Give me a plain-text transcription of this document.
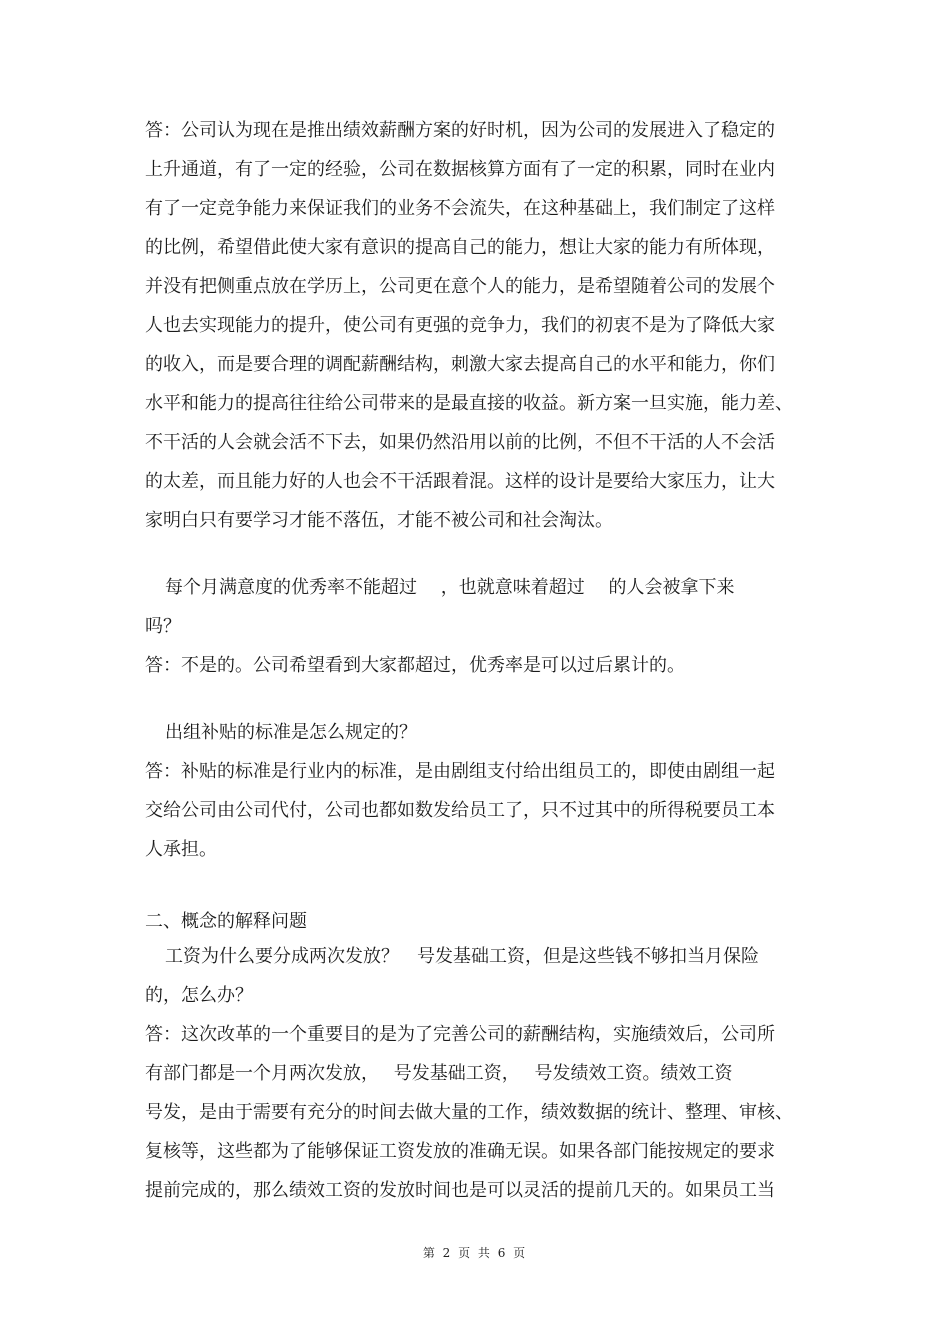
答：公司认为现在是推出绩效薪酬方案的好时机，因为公司的发展进入了稳定的
上升通道，有了一定的经验，公司在数据核算方面有了一定的积累，同时在业内
有了一定竞争能力来保证我们的业务不会流失，在这种基础上，我们制定了这样
的比例，希望借此使大家有意识的提高自己的能力，想让大家的能力有所体现，
并没有把侧重点放在学历上，公司更在意个人的能力，是希望随着公司的发展个
人也去实现能力的提升，使公司有更强的竞争力，我们的初衷不是为了降低大家
的收入，而是要合理的调配薪酬结构，刺激大家去提高自己的水平和能力，你们
水平和能力的提高往往给公司带来的是最直接的收益。新方案一旦实施，能力差、
不干活的人会就会活不下去，如果仍然沿用以前的比例，不但不干活的人不会活
的太差，而且能力好的人也会不干活跟着混。这样的设计是要给大家压力，让大
家明白只有要学习才能不落伍，才能不被公司和社会淘汰。
每个月满意度的优秀率不能超过　 ，也就意味着超过　 的人会被拿下来
吗？
答：不是的。公司希望看到大家都超过，优秀率是可以过后累计的。
出组补贴的标准是怎么规定的？
答：补贴的标准是行业内的标准，是由剧组支付给出组员工的，即使由剧组一起
交给公司由公司代付，公司也都如数发给员工了，只不过其中的所得税要员工本
人承担。
二、概念的解释问题
工资为什么要分成两次发放？　号发基础工资，但是这些钱不够扣当月保险
的，怎么办？
答：这次改革的一个重要目的是为了完善公司的薪酬结构，实施绩效后，公司所
有部门都是一个月两次发放，　 号发基础工资，　 号发绩效工资。绩效工资
号发，是由于需要有充分的时间去做大量的工作，绩效数据的统计、整理、审核、
复核等，这些都为了能够保证工资发放的准确无误。如果各部门能按规定的要求
提前完成的，那么绩效工资的发放时间也是可以灵活的提前几天的。如果员工当
第 2 页 共 6 页
